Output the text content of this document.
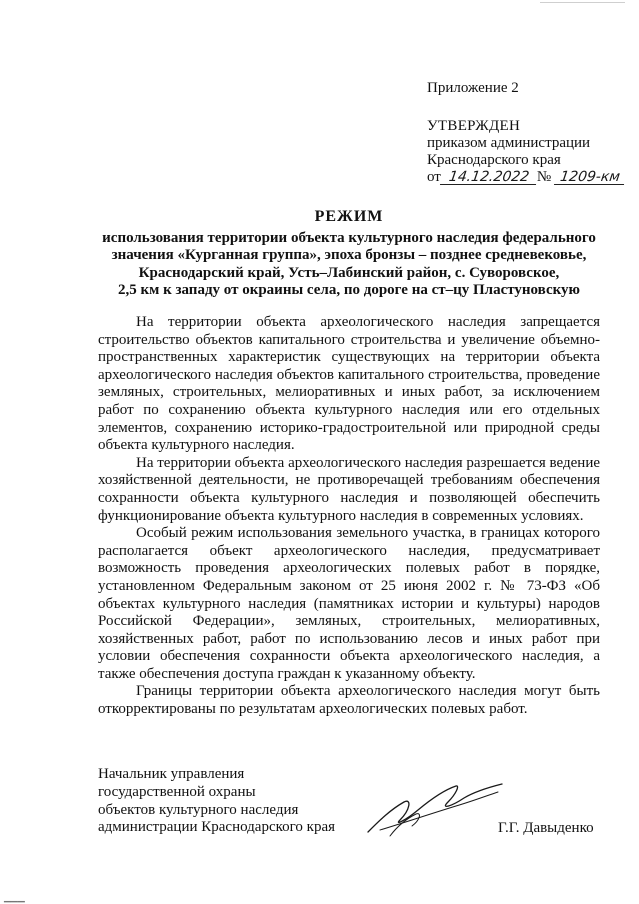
Приложение 2
УТВЕРЖДЕН
приказом администрации
Краснодарского края
от 14.12.2022 № 1209-км
РЕЖИМ
использования территории объекта культурного наследия федерального
значения «Курганная группа», эпоха бронзы – позднее средневековье,
Краснодарский край, Усть–Лабинский район, с. Суворовское,
2,5 км к западу от окраины села, по дороге на ст–цу Пластуновскую

На территории объекта археологического наследия запрещается строительство объектов капитального строительства и увеличение объемно-пространственных характеристик существующих на территории объекта археологического наследия объектов капитального строительства, проведение земляных, строительных, мелиоративных и иных работ, за исключением работ по сохранению объекта культурного наследия или его отдельных элементов, сохранению историко-градостроительной или природной среды объекта культурного наследия.

На территории объекта археологического наследия разрешается ведение хозяйственной деятельности, не противоречащей требованиям обеспечения сохранности объекта культурного наследия и позволяющей обеспечить функционирование объекта культурного наследия в современных условиях.

Особый режим использования земельного участка, в границах которого располагается объект археологического наследия, предусматривает возможность проведения археологических полевых работ в порядке, установленном Федеральным законом от 25 июня 2002 г. № 73-ФЗ «Об объектах культурного наследия (памятниках истории и культуры) народов Российской Федерации», земляных, строительных, мелиоративных, хозяйственных работ, работ по использованию лесов и иных работ при условии обеспечения сохранности объекта археологического наследия, а также обеспечения доступа граждан к указанному объекту.

Границы территории объекта археологического наследия могут быть откорректированы по результатам археологических полевых работ.

Начальник управления
государственной охраны
объектов культурного наследия
администрации Краснодарского края	Г.Г. Давыденко
▁▁▁
